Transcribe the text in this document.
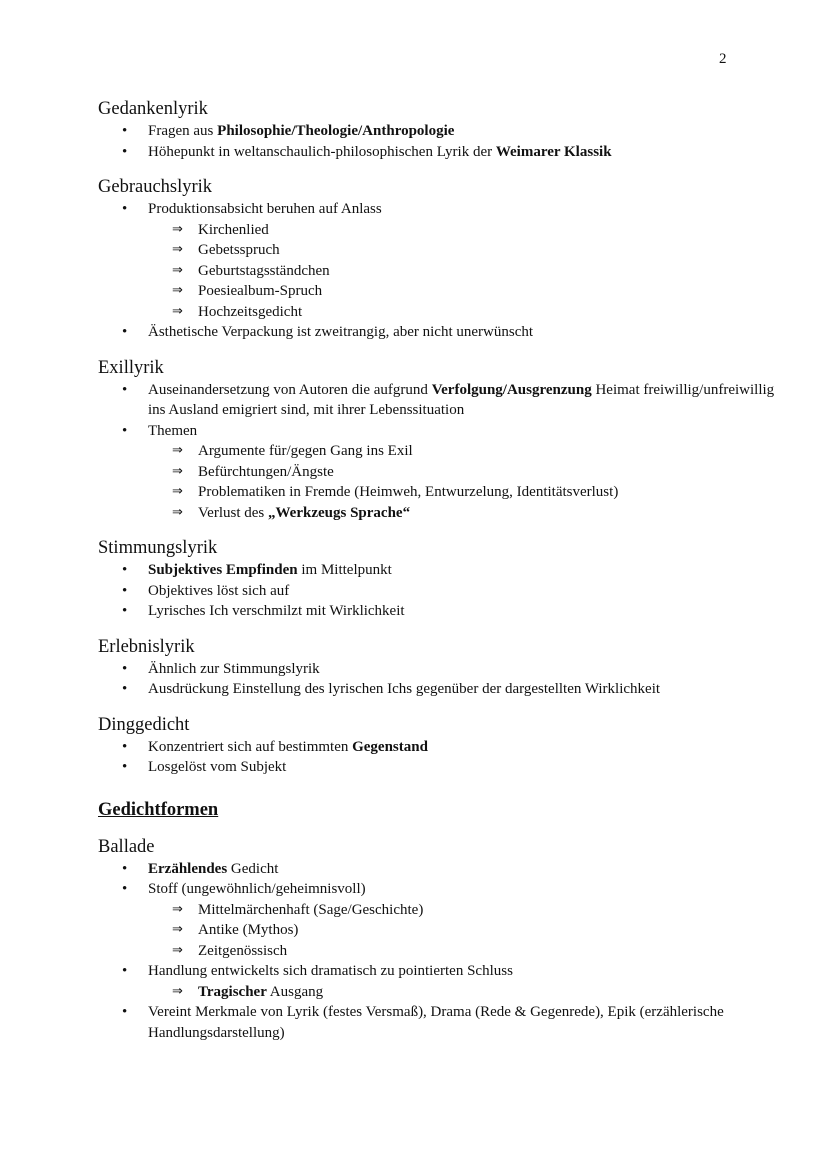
2
Gedankenlyrik
• Fragen aus Philosophie/Theologie/Anthropologie
• Höhepunkt in weltanschaulich-philosophischen Lyrik der Weimarer Klassik
Gebrauchslyrik
• Produktionsabsicht beruhen auf Anlass
⇒ Kirchenlied
⇒ Gebetsspruch
⇒ Geburtstagsständchen
⇒ Poesiealbum-Spruch
⇒ Hochzeitsgedicht
• Ästhetische Verpackung ist zweitrangig, aber nicht unerwünscht
Exillyrik
• Auseinandersetzung von Autoren die aufgrund Verfolgung/Ausgrenzung Heimat freiwillig/unfreiwillig ins Ausland emigriert sind, mit ihrer Lebenssituation
• Themen
⇒ Argumente für/gegen Gang ins Exil
⇒ Befürchtungen/Ängste
⇒ Problematiken in Fremde (Heimweh, Entwurzelung, Identitätsverlust)
⇒ Verlust des „Werkzeugs Sprache“
Stimmungslyrik
• Subjektives Empfinden im Mittelpunkt
• Objektives löst sich auf
• Lyrisches Ich verschmilzt mit Wirklichkeit
Erlebnislyrik
• Ähnlich zur Stimmungslyrik
• Ausdrückung Einstellung des lyrischen Ichs gegenüber der dargestellten Wirklichkeit
Dinggedicht
• Konzentriert sich auf bestimmten Gegenstand
• Losgelöst vom Subjekt
Gedichtformen
Ballade
• Erzählendes Gedicht
• Stoff (ungewöhnlich/geheimnisvoll)
⇒ Mittelmärchenhaft (Sage/Geschichte)
⇒ Antike (Mythos)
⇒ Zeitgenössisch
• Handlung entwickelts sich dramatisch zu pointierten Schluss
⇒ Tragischer Ausgang
• Vereint Merkmale von Lyrik (festes Versmaß), Drama (Rede & Gegenrede), Epik (erzählerische Handlungsdarstellung)
